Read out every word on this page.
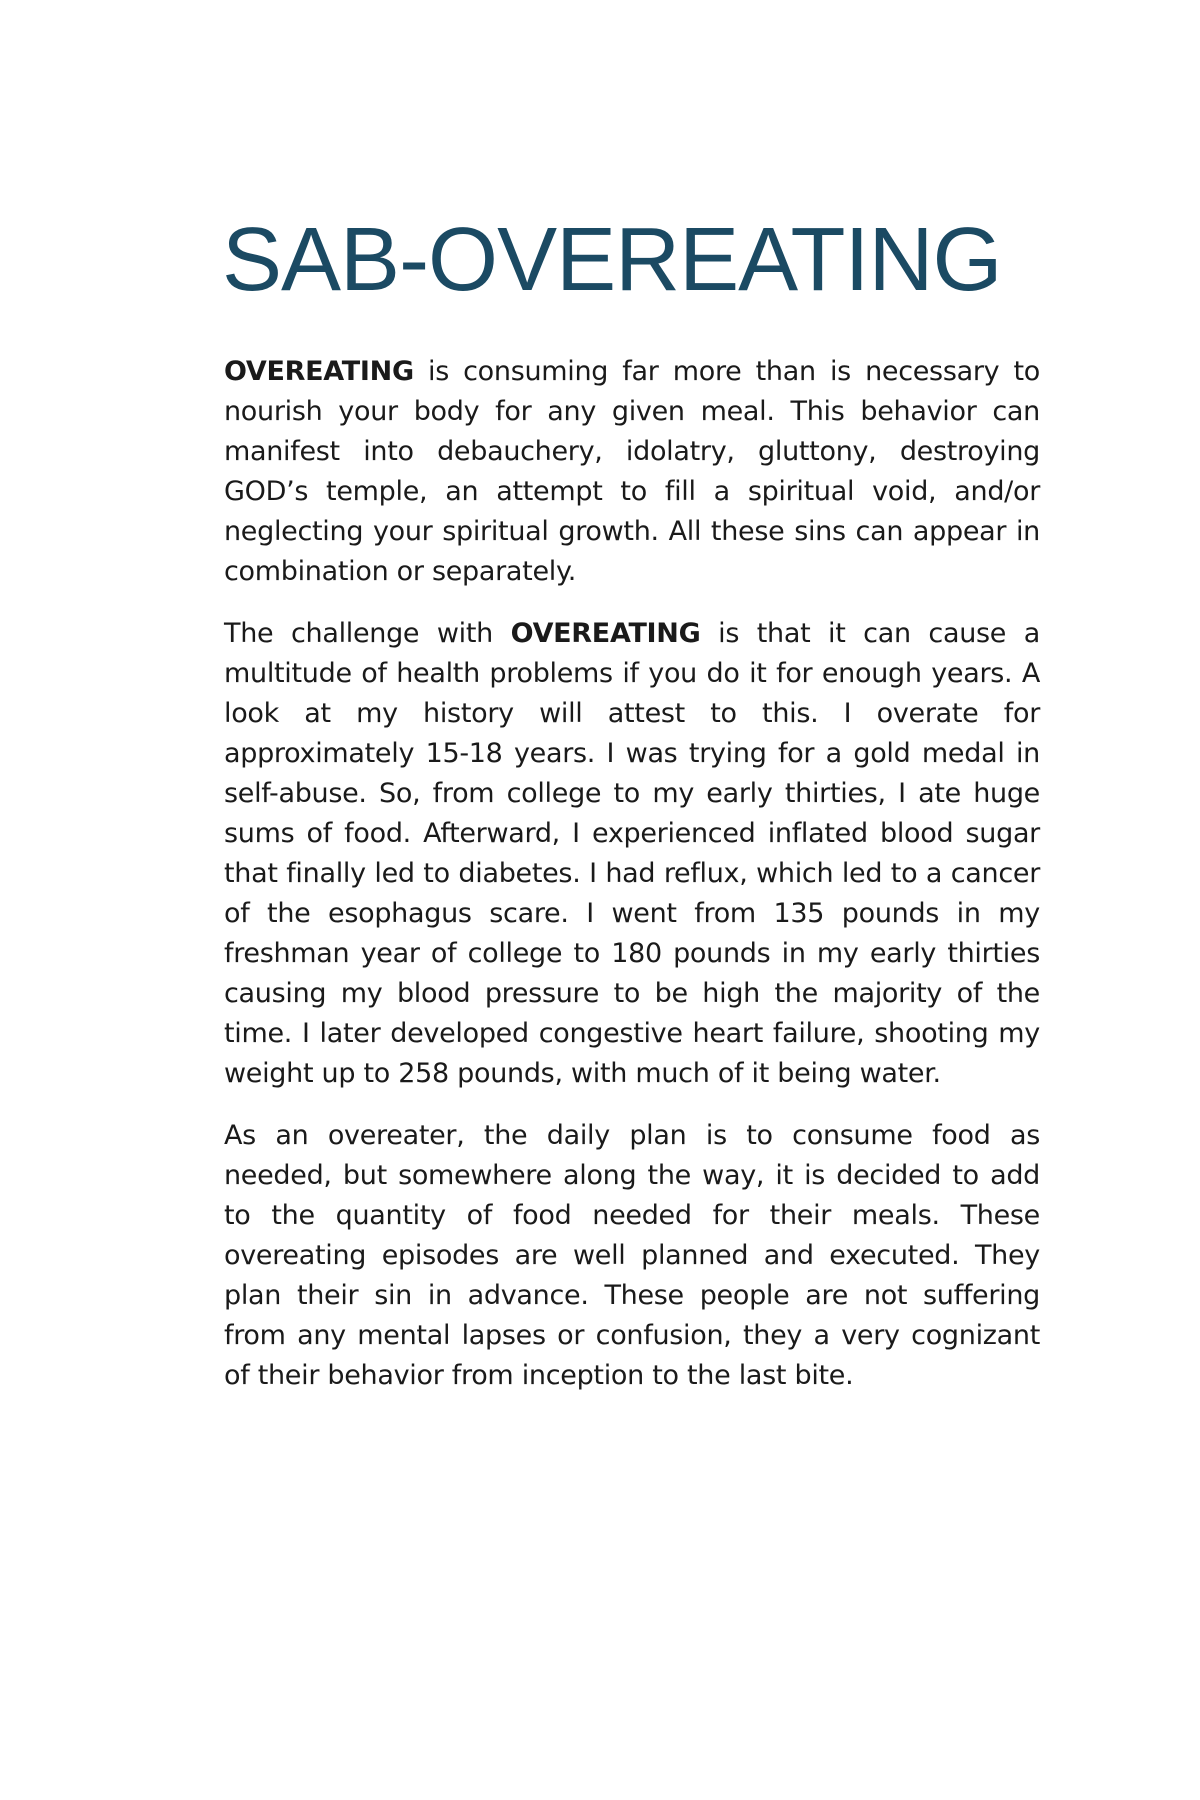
SAB-OVEREATING

OVEREATING is consuming far more than is necessary to nourish your body for any given meal. This behavior can manifest into debauchery, idolatry, gluttony, destroying GOD’s temple, an attempt to fill a spiritual void, and/or neglecting your spiritual growth. All these sins can appear in combination or separately.

The challenge with OVEREATING is that it can cause a multitude of health problems if you do it for enough years. A look at my history will attest to this. I overate for approximately 15-18 years. I was trying for a gold medal in self-abuse. So, from college to my early thirties, I ate huge sums of food. Afterward, I experienced inflated blood sugar that finally led to diabetes. I had reflux, which led to a cancer of the esophagus scare. I went from 135 pounds in my freshman year of college to 180 pounds in my early thirties causing my blood pressure to be high the majority of the time. I later developed congestive heart failure, shooting my weight up to 258 pounds, with much of it being water.

As an overeater, the daily plan is to consume food as needed, but somewhere along the way, it is decided to add to the quantity of food needed for their meals. These overeating episodes are well planned and executed. They plan their sin in advance. These people are not suffering from any mental lapses or confusion, they a very cognizant of their behavior from inception to the last bite.
